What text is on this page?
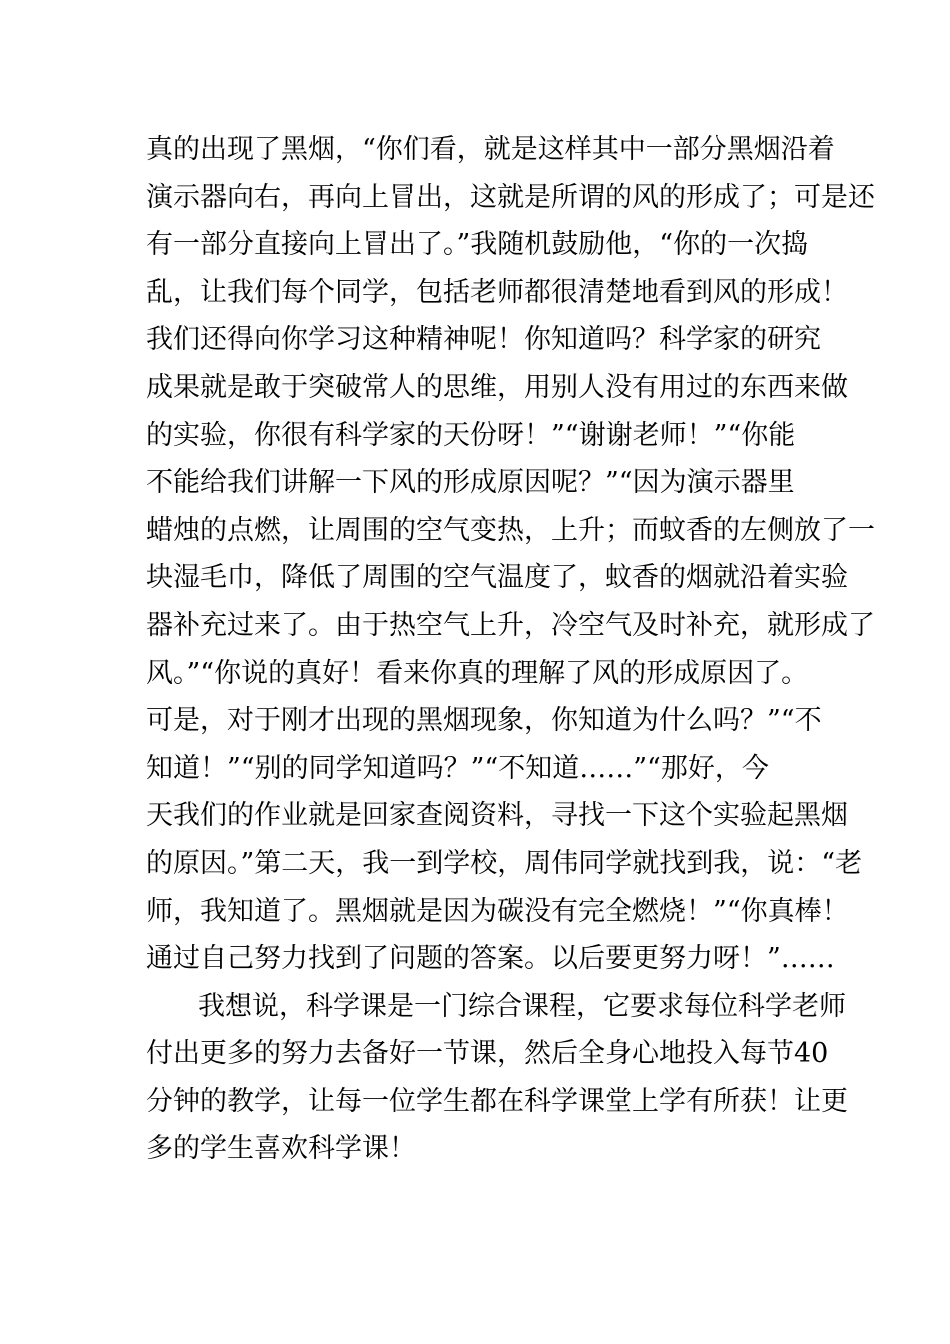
真的出现了黑烟，“你们看，就是这样其中一部分黑烟沿着
演示器向右，再向上冒出，这就是所谓的风的形成了；可是还
有一部分直接向上冒出了。”我随机鼓励他，“你的一次捣
乱，让我们每个同学，包括老师都很清楚地看到风的形成！
我们还得向你学习这种精神呢！你知道吗？科学家的研究
成果就是敢于突破常人的思维，用别人没有用过的东西来做
的实验，你很有科学家的天份呀！”“谢谢老师！”“你能
不能给我们讲解一下风的形成原因呢？”“因为演示器里
蜡烛的点燃，让周围的空气变热，上升；而蚊香的左侧放了一
块湿毛巾，降低了周围的空气温度了，蚊香的烟就沿着实验
器补充过来了。由于热空气上升，冷空气及时补充，就形成了
风。”“你说的真好！看来你真的理解了风的形成原因了。
可是，对于刚才出现的黑烟现象，你知道为什么吗？”“不
知道！”“别的同学知道吗？”“不知道……”“那好，今
天我们的作业就是回家查阅资料，寻找一下这个实验起黑烟
的原因。”第二天，我一到学校，周伟同学就找到我，说：“老
师，我知道了。黑烟就是因为碳没有完全燃烧！”“你真棒！
通过自己努力找到了问题的答案。以后要更努力呀！”……
我想说，科学课是一门综合课程，它要求每位科学老师
付出更多的努力去备好一节课，然后全身心地投入每节40
分钟的教学，让每一位学生都在科学课堂上学有所获！让更
多的学生喜欢科学课！
